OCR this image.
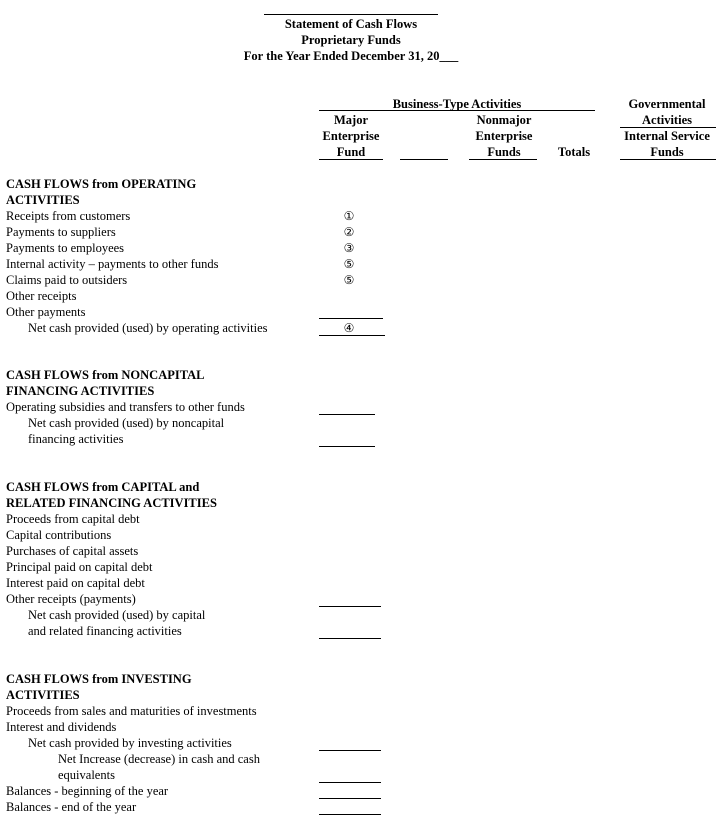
Statement of Cash Flows
Proprietary Funds
For the Year Ended December 31, 20___
Business-Type Activities
Major
Enterprise
Fund
Nonmajor
Enterprise
Funds	Totals
Governmental
Activities
Internal Service
Funds
CASH FLOWS from OPERATING
ACTIVITIES
Receipts from customers
Payments to suppliers
Payments to employees
Internal activity – payments to other funds
Claims paid to outsiders
Other receipts
Other payments
Net cash provided (used) by operating activities
①
②
③
⑤
⑤
④
CASH FLOWS from NONCAPITAL
FINANCING ACTIVITIES
Operating subsidies and transfers to other funds
Net cash provided (used) by noncapital
financing activities
CASH FLOWS from CAPITAL and
RELATED FINANCING ACTIVITIES
Proceeds from capital debt
Capital contributions
Purchases of capital assets
Principal paid on capital debt
Interest paid on capital debt
Other receipts (payments)
Net cash provided (used) by capital
and related financing activities
CASH FLOWS from INVESTING
ACTIVITIES
Proceeds from sales and maturities of investments
Interest and dividends
Net cash provided by investing activities
Net Increase (decrease) in cash and cash
equivalents
Balances - beginning of the year
Balances - end of the year
